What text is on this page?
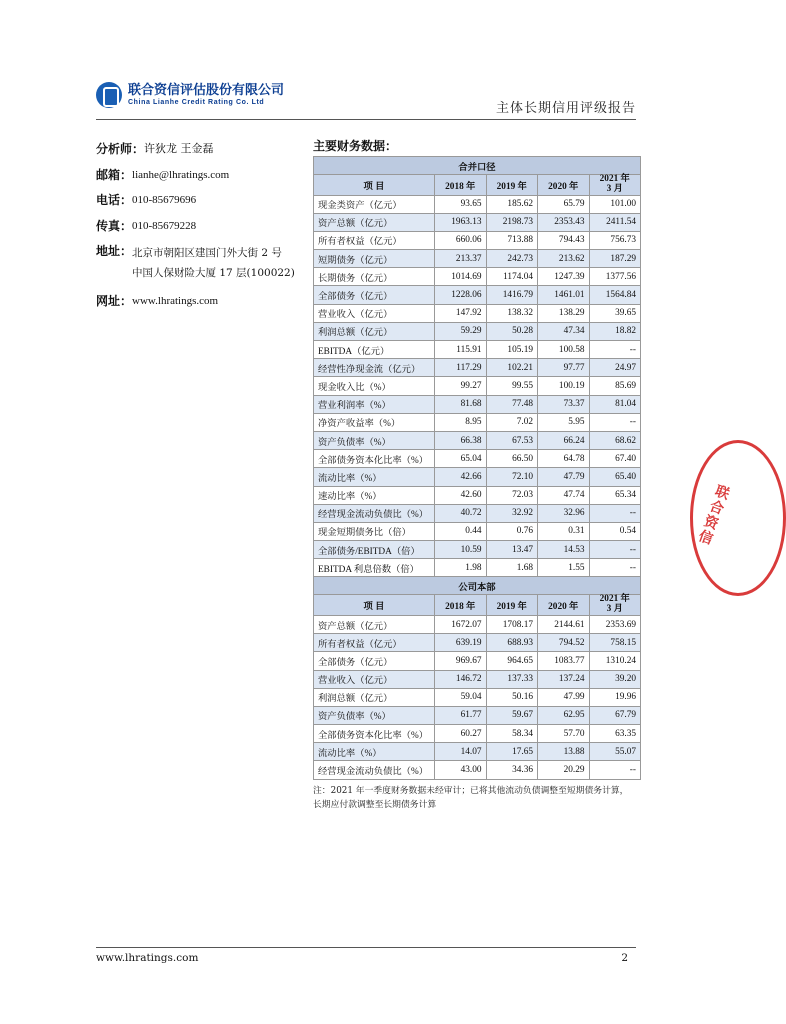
联合资信评估股份有限公司
China Lianhe Credit Rating Co. Ltd	主体长期信用评级报告
分析师： 许狄龙 王金磊
邮箱： lianhe@lhratings.com
电话： 010-85679696
传真： 010-85679228
地址： 北京市朝阳区建国门外大街 2 号
中国人保财险大厦 17 层(100022)
网址： www.lhratings.com
主要财务数据：
合并口径				
项 目	2018 年	2019 年	2020 年	2021 年
3 月
现金类资产（亿元）	93.65	185.62	65.79	101.00
资产总额（亿元）	1963.13	2198.73	2353.43	2411.54
所有者权益（亿元）	660.06	713.88	794.43	756.73
短期债务（亿元）	213.37	242.73	213.62	187.29
长期债务（亿元）	1014.69	1174.04	1247.39	1377.56
全部债务（亿元）	1228.06	1416.79	1461.01	1564.84
营业收入（亿元）	147.92	138.32	138.29	39.65
利润总额（亿元）	59.29	50.28	47.34	18.82
EBITDA（亿元）	115.91	105.19	100.58	--
经营性净现金流（亿元）	117.29	102.21	97.77	24.97
现金收入比（%）	99.27	99.55	100.19	85.69
营业利润率（%）	81.68	77.48	73.37	81.04
净资产收益率（%）	8.95	7.02	5.95	--
资产负债率（%）	66.38	67.53	66.24	68.62
全部债务资本化比率（%）	65.04	66.50	64.78	67.40
流动比率（%）	42.66	72.10	47.79	65.40
速动比率（%）	42.60	72.03	47.74	65.34
经营现金流动负债比（%）	40.72	32.92	32.96	--
现金短期债务比（倍）	0.44	0.76	0.31	0.54
全部债务/EBITDA（倍）	10.59	13.47	14.53	--
EBITDA 利息倍数（倍）	1.98	1.68	1.55	--
公司本部				
项 目	2018 年	2019 年	2020 年	2021 年
3 月
资产总额（亿元）	1672.07	1708.17	2144.61	2353.69
所有者权益（亿元）	639.19	688.93	794.52	758.15
全部债务（亿元）	969.67	964.65	1083.77	1310.24
营业收入（亿元）	146.72	137.33	137.24	39.20
利润总额（亿元）	59.04	50.16	47.99	19.96
资产负债率（%）	61.77	59.67	62.95	67.79
全部债务资本化比率（%）	60.27	58.34	57.70	63.35
流动比率（%）	14.07	17.65	13.88	55.07
经营现金流动负债比（%）	43.00	34.36	20.29	--
注：2021 年一季度财务数据未经审计；已将其他流动负债调整至短期债务计算，
长期应付款调整至长期债务计算
联合资信
www.lhratings.com	2
